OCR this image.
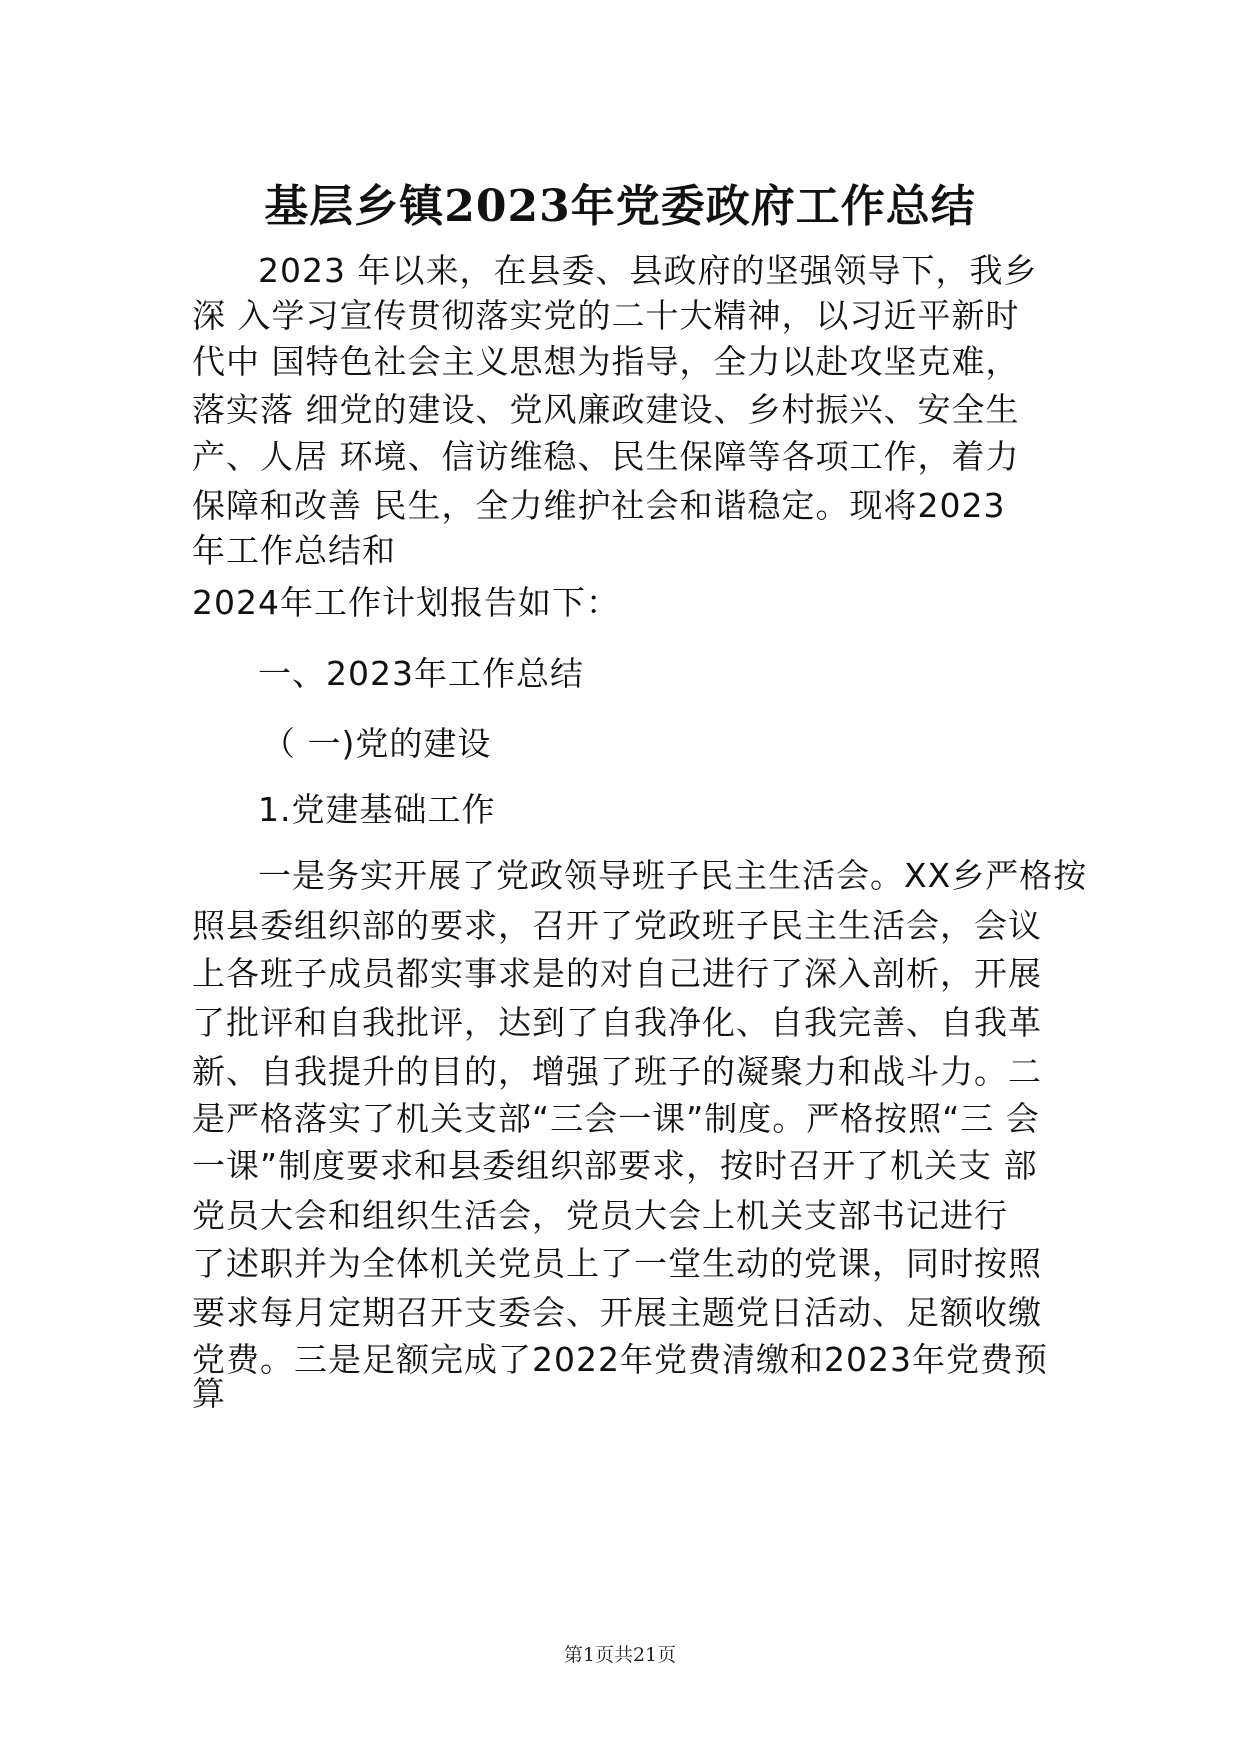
基层乡镇2023年党委政府工作总结

2023 年以来，在县委、县政府的坚强领导下，我乡

深 入学习宣传贯彻落实党的二十大精神，以习近平新时

代中 国特色社会主义思想为指导，全力以赴攻坚克难，

落实落 细党的建设、党风廉政建设、乡村振兴、安全生

产、人居 环境、信访维稳、民生保障等各项工作，着力

保障和改善 民生，全力维护社会和谐稳定。现将2023

年工作总结和

2024年工作计划报告如下：

一、2023年工作总结

（ 一)党的建设

1.党建基础工作

一是务实开展了党政领导班子民主生活会。XX乡严格按

照县委组织部的要求，召开了党政班子民主生活会，会议

上各班子成员都实事求是的对自己进行了深入剖析，开展

了批评和自我批评，达到了自我净化、自我完善、自我革

新、自我提升的目的，增强了班子的凝聚力和战斗力。二

是严格落实了机关支部“三会一课”制度。严格按照“三 会

一课”制度要求和县委组织部要求，按时召开了机关支 部

党员大会和组织生活会，党员大会上机关支部书记进行

了述职并为全体机关党员上了一堂生动的党课，同时按照

要求每月定期召开支委会、开展主题党日活动、足额收缴

党费。三是足额完成了2022年党费清缴和2023年党费预

算

第1页共21页
